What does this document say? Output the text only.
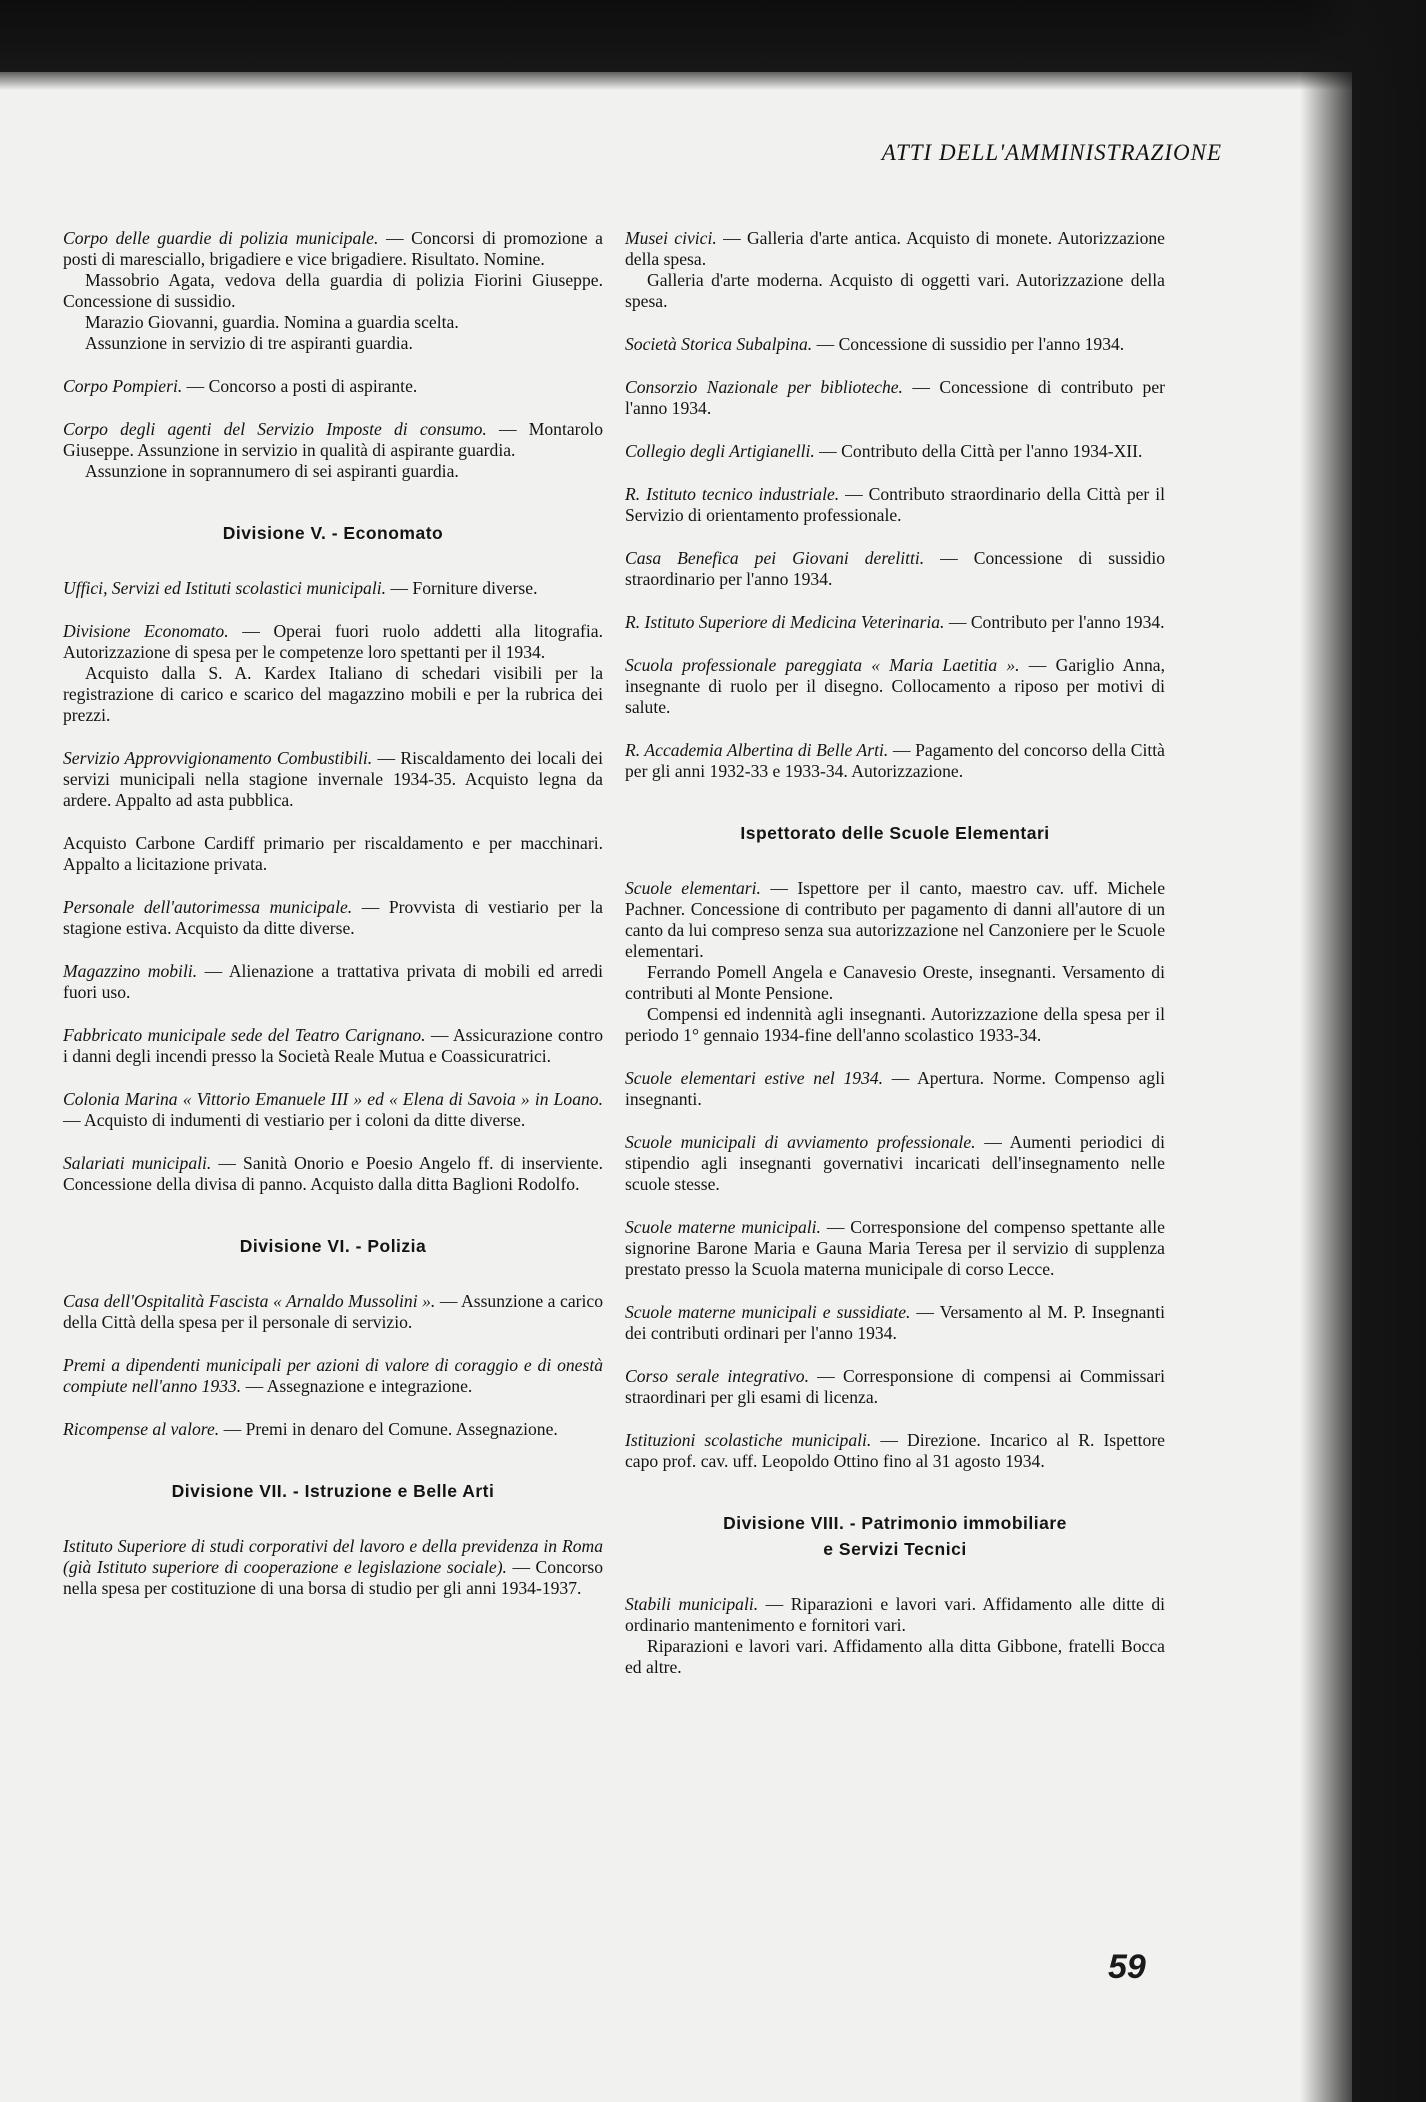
ATTI DELL'AMMINISTRAZIONE

Corpo delle guardie di polizia municipale. — Concorsi di promozione a posti di maresciallo, brigadiere e vice brigadiere. Risultato. Nomine.

Massobrio Agata, vedova della guardia di polizia Fiorini Giuseppe. Concessione di sussidio.

Marazio Giovanni, guardia. Nomina a guardia scelta.

Assunzione in servizio di tre aspiranti guardia.

Corpo Pompieri. — Concorso a posti di aspirante.

Corpo degli agenti del Servizio Imposte di consumo. — Montarolo Giuseppe. Assunzione in servizio in qualità di aspirante guardia.

Assunzione in soprannumero di sei aspiranti guardia.

Divisione V. - Economato

Uffici, Servizi ed Istituti scolastici municipali. — Forniture diverse.

Divisione Economato. — Operai fuori ruolo addetti alla litografia. Autorizzazione di spesa per le competenze loro spettanti per il 1934.

Acquisto dalla S. A. Kardex Italiano di schedari visibili per la registrazione di carico e scarico del magazzino mobili e per la rubrica dei prezzi.

Servizio Approvvigionamento Combustibili. — Riscaldamento dei locali dei servizi municipali nella stagione invernale 1934-35. Acquisto legna da ardere. Appalto ad asta pubblica.

Acquisto Carbone Cardiff primario per riscaldamento e per macchinari. Appalto a licitazione privata.

Personale dell'autorimessa municipale. — Provvista di vestiario per la stagione estiva. Acquisto da ditte diverse.

Magazzino mobili. — Alienazione a trattativa privata di mobili ed arredi fuori uso.

Fabbricato municipale sede del Teatro Carignano. — Assicurazione contro i danni degli incendi presso la Società Reale Mutua e Coassicuratrici.

Colonia Marina « Vittorio Emanuele III » ed « Elena di Savoia » in Loano. — Acquisto di indumenti di vestiario per i coloni da ditte diverse.

Salariati municipali. — Sanità Onorio e Poesio Angelo ff. di inserviente. Concessione della divisa di panno. Acquisto dalla ditta Baglioni Rodolfo.

Divisione VI. - Polizia

Casa dell'Ospitalità Fascista « Arnaldo Mussolini ». — Assunzione a carico della Città della spesa per il personale di servizio.

Premi a dipendenti municipali per azioni di valore di coraggio e di onestà compiute nell'anno 1933. — Assegnazione e integrazione.

Ricompense al valore. — Premi in denaro del Comune. Assegnazione.

Divisione VII. - Istruzione e Belle Arti

Istituto Superiore di studi corporativi del lavoro e della previdenza in Roma (già Istituto superiore di cooperazione e legislazione sociale). — Concorso nella spesa per costituzione di una borsa di studio per gli anni 1934-1937.

Musei civici. — Galleria d'arte antica. Acquisto di monete. Autorizzazione della spesa.

Galleria d'arte moderna. Acquisto di oggetti vari. Autorizzazione della spesa.

Società Storica Subalpina. — Concessione di sussidio per l'anno 1934.

Consorzio Nazionale per biblioteche. — Concessione di contributo per l'anno 1934.

Collegio degli Artigianelli. — Contributo della Città per l'anno 1934-XII.

R. Istituto tecnico industriale. — Contributo straordinario della Città per il Servizio di orientamento professionale.

Casa Benefica pei Giovani derelitti. — Concessione di sussidio straordinario per l'anno 1934.

R. Istituto Superiore di Medicina Veterinaria. — Contributo per l'anno 1934.

Scuola professionale pareggiata « Maria Laetitia ». — Gariglio Anna, insegnante di ruolo per il disegno. Collocamento a riposo per motivi di salute.

R. Accademia Albertina di Belle Arti. — Pagamento del concorso della Città per gli anni 1932-33 e 1933-34. Autorizzazione.

Ispettorato delle Scuole Elementari

Scuole elementari. — Ispettore per il canto, maestro cav. uff. Michele Pachner. Concessione di contributo per pagamento di danni all'autore di un canto da lui compreso senza sua autorizzazione nel Canzoniere per le Scuole elementari.

Ferrando Pomell Angela e Canavesio Oreste, insegnanti. Versamento di contributi al Monte Pensione.

Compensi ed indennità agli insegnanti. Autorizzazione della spesa per il periodo 1° gennaio 1934-fine dell'anno scolastico 1933-34.

Scuole elementari estive nel 1934. — Apertura. Norme. Compenso agli insegnanti.

Scuole municipali di avviamento professionale. — Aumenti periodici di stipendio agli insegnanti governativi incaricati dell'insegnamento nelle scuole stesse.

Scuole materne municipali. — Corresponsione del compenso spettante alle signorine Barone Maria e Gauna Maria Teresa per il servizio di supplenza prestato presso la Scuola materna municipale di corso Lecce.

Scuole materne municipali e sussidiate. — Versamento al M. P. Insegnanti dei contributi ordinari per l'anno 1934.

Corso serale integrativo. — Corresponsione di compensi ai Commissari straordinari per gli esami di licenza.

Istituzioni scolastiche municipali. — Direzione. Incarico al R. Ispettore capo prof. cav. uff. Leopoldo Ottino fino al 31 agosto 1934.

Divisione VIII. - Patrimonio immobiliare
e Servizi Tecnici

Stabili municipali. — Riparazioni e lavori vari. Affidamento alle ditte di ordinario mantenimento e fornitori vari.

Riparazioni e lavori vari. Affidamento alla ditta Gibbone, fratelli Bocca ed altre.

59
